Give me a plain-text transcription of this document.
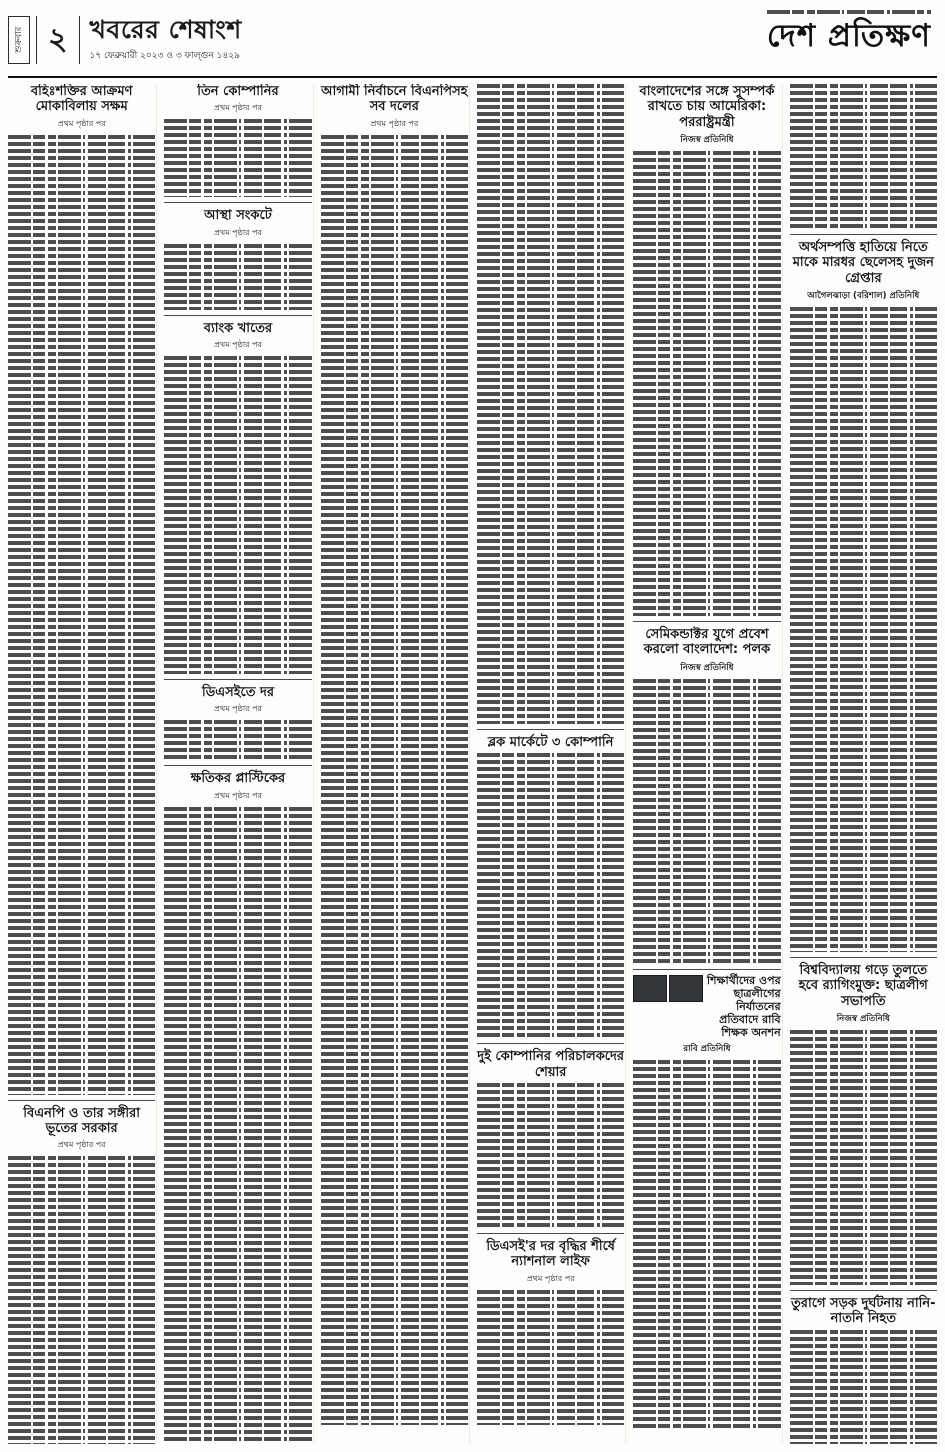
শুক্রবার ২ খবরের শেষাংশ
১৭ ফেব্রুয়ারী ২০২৩ ও ৩ ফাল্গুন ১৪২৯
দেশ প্রতিক্ষণ
বহিঃশক্তির আক্রমণ মোকাবিলায় সক্ষম
প্রথম পৃষ্ঠার পর
বিএনপি ও তার সঙ্গীরা ভূতের সরকার
প্রথম পৃষ্ঠার পর
তিন কোম্পানির
প্রথম পৃষ্ঠার পর
আস্থা সংকটে
প্রথম পৃষ্ঠার পর
ব্যাংক খাতের
প্রথম পৃষ্ঠার পর
ডিএসইতে দর
প্রথম পৃষ্ঠার পর
ক্ষতিকর প্লাস্টিকের
প্রথম পৃষ্ঠার পর
আগামী নির্বাচনে বিএনপিসহ সব দলের
প্রথম পৃষ্ঠার পর
ব্লক মার্কেটে ৩ কোম্পানি
দুই কোম্পানির পরিচালকদের শেয়ার
ডিএসই'র দর বৃদ্ধির শীর্ষে ন্যাশনাল লাইফ
প্রথম পৃষ্ঠার পর
বাংলাদেশের সঙ্গে সুসম্পর্ক রাখতে চায় আমেরিকা: পররাষ্ট্রমন্ত্রী
নিজস্ব প্রতিনিধি
সেমিকন্ডাক্টর যুগে প্রবেশ করলো বাংলাদেশ: পলক
নিজস্ব প্রতিনিধি
শিক্ষার্থীদের ওপর ছাত্রলীগের নির্যাতনের প্রতিবাদে রাবি শিক্ষক অনশন
রাবি প্রতিনিধি
অর্থসম্পত্তি হাতিয়ে নিতে মাকে মারধর ছেলেসহ দুজন গ্রেপ্তার
আগৈলঝাড়া (বরিশাল) প্রতিনিধি
বিশ্ববিদ্যালয় গড়ে তুলতে হবে র‍্যাগিংমুক্ত: ছাত্রলীগ সভাপতি
নিজস্ব প্রতিনিধি
তুরাগে সড়ক দুর্ঘটনায় নানি-নাতনি নিহত
